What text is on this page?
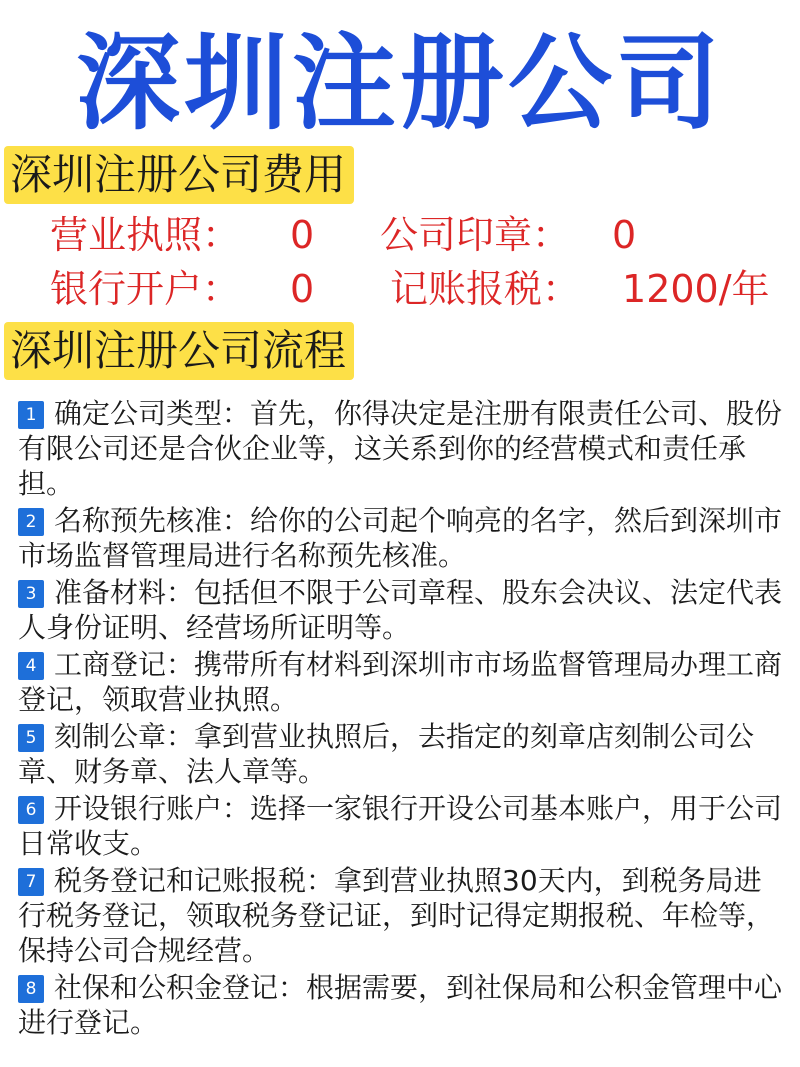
深圳注册公司
深圳注册公司费用
营业执照： 0 公司印章： 0
银行开户： 0 记账报税： 1200/年
深圳注册公司流程
1 确定公司类型：首先，你得决定是注册有限责任公司、股份有限公司还是合伙企业等，这关系到你的经营模式和责任承担。
2 名称预先核准：给你的公司起个响亮的名字，然后到深圳市市场监督管理局进行名称预先核准。
3 准备材料：包括但不限于公司章程、股东会决议、法定代表人身份证明、经营场所证明等。
4 工商登记：携带所有材料到深圳市市场监督管理局办理工商登记，领取营业执照。
5 刻制公章：拿到营业执照后，去指定的刻章店刻制公司公章、财务章、法人章等。
6 开设银行账户：选择一家银行开设公司基本账户，用于公司日常收支。
7 税务登记和记账报税：拿到营业执照30天内，到税务局进行税务登记，领取税务登记证，到时记得定期报税、年检等，保持公司合规经营。
8 社保和公积金登记：根据需要，到社保局和公积金管理中心进行登记。
